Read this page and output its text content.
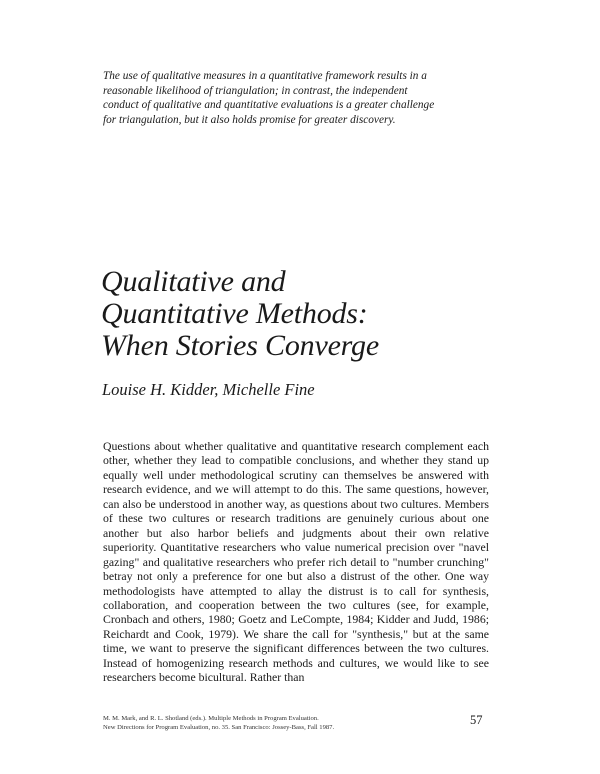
The use of qualitative measures in a quantitative framework results in a reasonable likelihood of triangulation; in contrast, the independent conduct of qualitative and quantitative evaluations is a greater challenge for triangulation, but it also holds promise for greater discovery.
Qualitative and
Quantitative Methods:
When Stories Converge
Louise H. Kidder, Michelle Fine
Questions about whether qualitative and quantitative research complement each other, whether they lead to compatible conclusions, and whether they stand up equally well under methodological scrutiny can themselves be answered with research evidence, and we will attempt to do this. The same questions, however, can also be understood in another way, as questions about two cultures. Members of these two cultures or research traditions are genuinely curious about one another but also harbor beliefs and judgments about their own relative superiority. Quantitative researchers who value numerical precision over "navel gazing" and qualitative researchers who prefer rich detail to "number crunching" betray not only a preference for one but also a distrust of the other. One way methodologists have attempted to allay the distrust is to call for synthesis, collaboration, and cooperation between the two cultures (see, for example, Cronbach and others, 1980; Goetz and LeCompte, 1984; Kidder and Judd, 1986; Reichardt and Cook, 1979). We share the call for "synthesis," but at the same time, we want to preserve the significant differences between the two cultures. Instead of homogenizing research methods and cultures, we would like to see researchers become bicultural. Rather than
M. M. Mark, and R. L. Shotland (eds.). Multiple Methods in Program Evaluation.
New Directions for Program Evaluation, no. 35. San Francisco: Jossey-Bass, Fall 1987.	57
